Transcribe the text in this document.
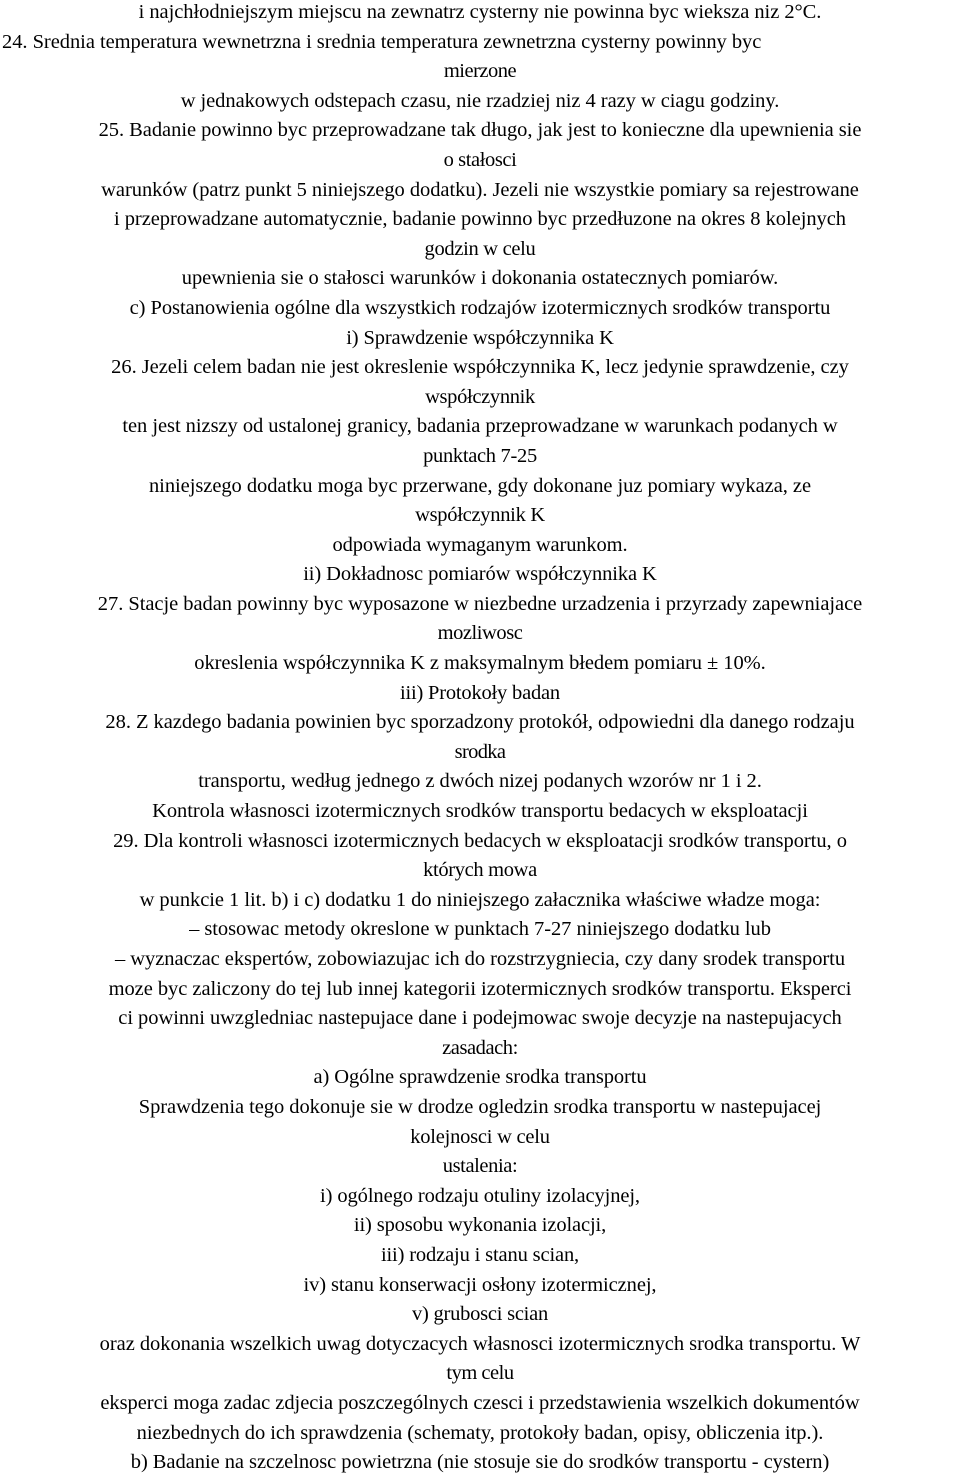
i najchłodniejszym miejscu na zewnatrz cysterny nie powinna byc wieksza niz 2°C.
24. Srednia temperatura wewnetrzna i srednia temperatura zewnetrzna cysterny powinny byc
mierzone
w jednakowych odstepach czasu, nie rzadziej niz 4 razy w ciagu godziny.
25. Badanie powinno byc przeprowadzane tak długo, jak jest to konieczne dla upewnienia sie
o stałosci
warunków (patrz punkt 5 niniejszego dodatku). Jezeli nie wszystkie pomiary sa rejestrowane
i przeprowadzane automatycznie, badanie powinno byc przedłuzone na okres 8 kolejnych
godzin w celu
upewnienia sie o stałosci warunków i dokonania ostatecznych pomiarów.
c) Postanowienia ogólne dla wszystkich rodzajów izotermicznych srodków transportu
i) Sprawdzenie współczynnika K
26. Jezeli celem badan nie jest okreslenie współczynnika K, lecz jedynie sprawdzenie, czy
współczynnik
ten jest nizszy od ustalonej granicy, badania przeprowadzane w warunkach podanych w
punktach 7-25
niniejszego dodatku moga byc przerwane, gdy dokonane juz pomiary wykaza, ze
współczynnik K
odpowiada wymaganym warunkom.
ii) Dokładnosc pomiarów współczynnika K
27. Stacje badan powinny byc wyposazone w niezbedne urzadzenia i przyrzady zapewniajace
mozliwosc
okreslenia współczynnika K z maksymalnym błedem pomiaru ± 10%.
iii) Protokoły badan
28. Z kazdego badania powinien byc sporzadzony protokół, odpowiedni dla danego rodzaju
srodka
transportu, według jednego z dwóch nizej podanych wzorów nr 1 i 2.
Kontrola własnosci izotermicznych srodków transportu bedacych w eksploatacji
29. Dla kontroli własnosci izotermicznych bedacych w eksploatacji srodków transportu, o
których mowa
w punkcie 1 lit. b) i c) dodatku 1 do niniejszego załacznika właściwe władze moga:
– stosowac metody okreslone w punktach 7-27 niniejszego dodatku lub
– wyznaczac ekspertów, zobowiazujac ich do rozstrzygniecia, czy dany srodek transportu
moze byc zaliczony do tej lub innej kategorii izotermicznych srodków transportu. Eksperci
ci powinni uwzgledniac nastepujace dane i podejmowac swoje decyzje na nastepujacych
zasadach:
a) Ogólne sprawdzenie srodka transportu
Sprawdzenia tego dokonuje sie w drodze ogledzin srodka transportu w nastepujacej
kolejnosci w celu
ustalenia:
i) ogólnego rodzaju otuliny izolacyjnej,
ii) sposobu wykonania izolacji,
iii) rodzaju i stanu scian,
iv) stanu konserwacji osłony izotermicznej,
v) grubosci scian
oraz dokonania wszelkich uwag dotyczacych własnosci izotermicznych srodka transportu. W
tym celu
eksperci moga zadac zdjecia poszczególnych czesci i przedstawienia wszelkich dokumentów
niezbednych do ich sprawdzenia (schematy, protokoły badan, opisy, obliczenia itp.).
b) Badanie na szczelnosc powietrzna (nie stosuje sie do srodków transportu - cystern)
